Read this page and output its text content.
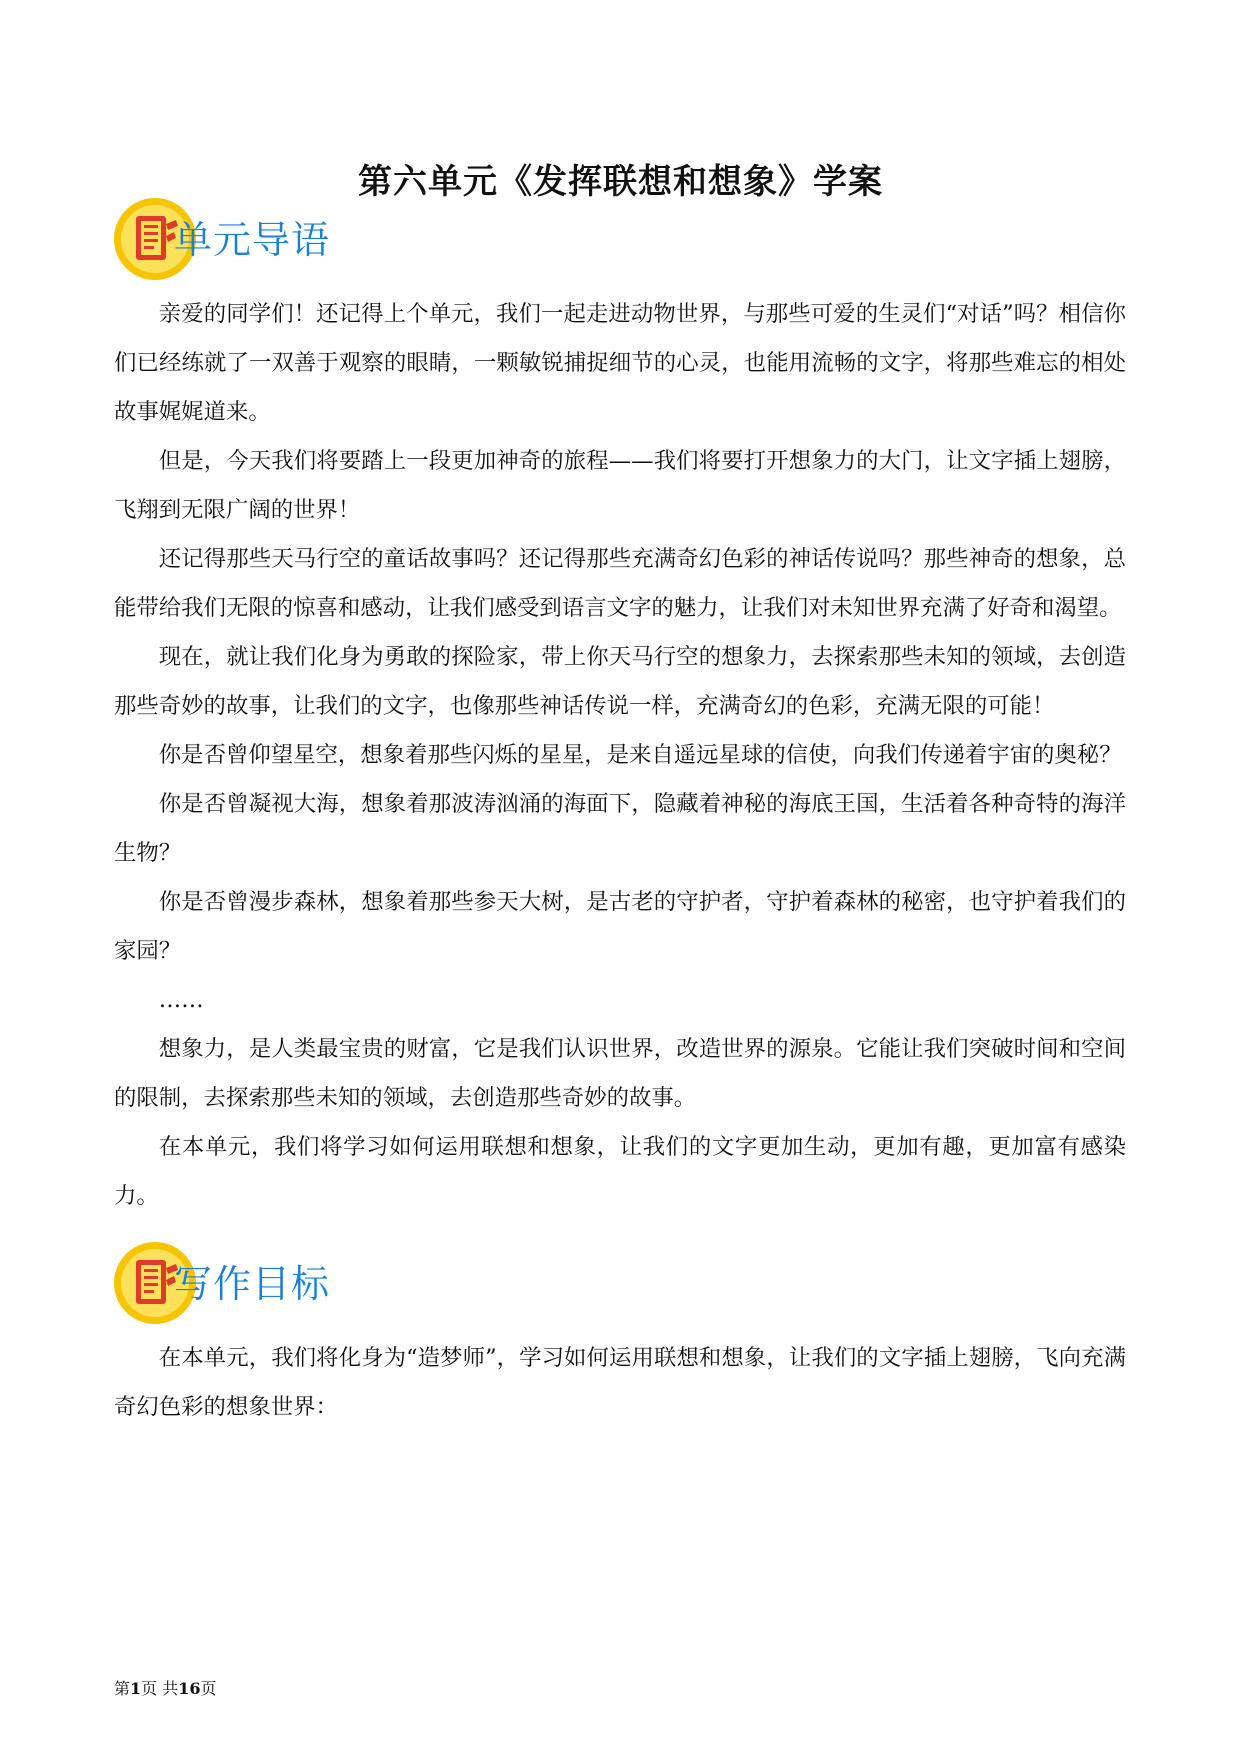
第六单元《发挥联想和想象》学案
单元导语

亲爱的同学们！还记得上个单元，我们一起走进动物世界，与那些可爱的生灵们“对话”吗？相信你们已经练就了一双善于观察的眼睛，一颗敏锐捕捉细节的心灵，也能用流畅的文字，将那些难忘的相处故事娓娓道来。

但是，今天我们将要踏上一段更加神奇的旅程——我们将要打开想象力的大门，让文字插上翅膀，飞翔到无限广阔的世界！

还记得那些天马行空的童话故事吗？还记得那些充满奇幻色彩的神话传说吗？那些神奇的想象，总能带给我们无限的惊喜和感动，让我们感受到语言文字的魅力，让我们对未知世界充满了好奇和渴望。

现在，就让我们化身为勇敢的探险家，带上你天马行空的想象力，去探索那些未知的领域，去创造那些奇妙的故事，让我们的文字，也像那些神话传说一样，充满奇幻的色彩，充满无限的可能！

你是否曾仰望星空，想象着那些闪烁的星星，是来自遥远星球的信使，向我们传递着宇宙的奥秘？

你是否曾凝视大海，想象着那波涛汹涌的海面下，隐藏着神秘的海底王国，生活着各种奇特的海洋生物？

你是否曾漫步森林，想象着那些参天大树，是古老的守护者，守护着森林的秘密，也守护着我们的家园？

……

想象力，是人类最宝贵的财富，它是我们认识世界，改造世界的源泉。它能让我们突破时间和空间的限制，去探索那些未知的领域，去创造那些奇妙的故事。

在本单元，我们将学习如何运用联想和想象，让我们的文字更加生动，更加有趣，更加富有感染力。

写作目标

在本单元，我们将化身为“造梦师”，学习如何运用联想和想象，让我们的文字插上翅膀，飞向充满奇幻色彩的想象世界：

第1页 共16页
